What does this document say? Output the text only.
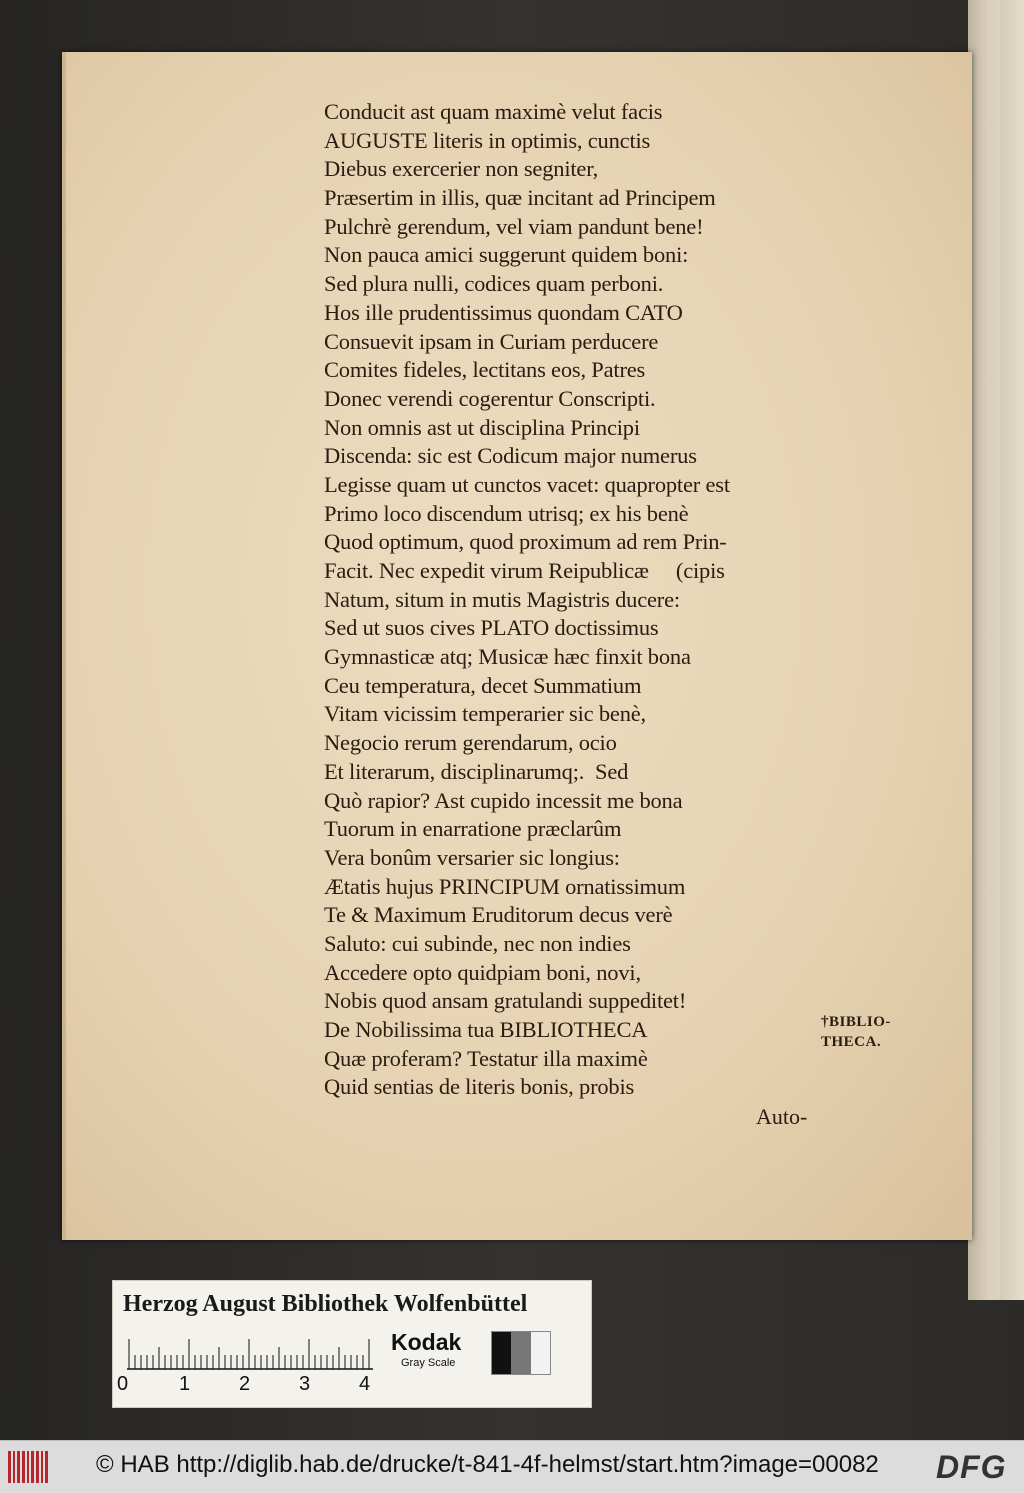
Conducit ast quam maximè velut facis
AUGUSTE literis in optimis, cunctis
Diebus exercerier non segniter,
Præsertim in illis, quæ incitant ad Principem
Pulchrè gerendum, vel viam pandunt bene!
Non pauca amici suggerunt quidem boni:
Sed plura nulli, codices quam perboni.
Hos ille prudentissimus quondam CATO
Consuevit ipsam in Curiam perducere
Comites fideles, lectitans eos, Patres
Donec verendi cogerentur Conscripti.
Non omnis ast ut disciplina Principi
Discenda: sic est Codicum major numerus
Legisse quam ut cunctos vacet: quapropter est
Primo loco discendum utrisq; ex his benè
Quod optimum, quod proximum ad rem Prin-
Facit. Nec expedit virum Reipublicæ     (cipis
Natum, situm in mutis Magistris ducere:
Sed ut suos cives PLATO doctissimus
Gymnasticæ atq; Musicæ hæc finxit bona
Ceu temperatura, decet Summatium
Vitam vicissim temperarier sic benè,
Negocio rerum gerendarum, ocio
Et literarum, disciplinarumq;.  Sed
Quò rapior? Ast cupido incessit me bona
Tuorum in enarratione præclarûm
Vera bonûm versarier sic longius:
Ætatis hujus PRINCIPUM ornatissimum
Te & Maximum Eruditorum decus verè
Saluto: cui subinde, nec non indies
Accedere opto quidpiam boni, novi,
Nobis quod ansam gratulandi suppeditet!
De Nobilissima tua BIBLIOTHECA
Quæ proferam? Testatur illa maximè
Quid sentias de literis bonis, probis
†BIBLIO-
THECA.
Auto-
Herzog August Bibliothek Wolfenbüttel
0	1 2 3 4
Kodak
Gray Scale
© HAB http://diglib.hab.de/drucke/t-841-4f-helmst/start.htm?image=00082 DFG
